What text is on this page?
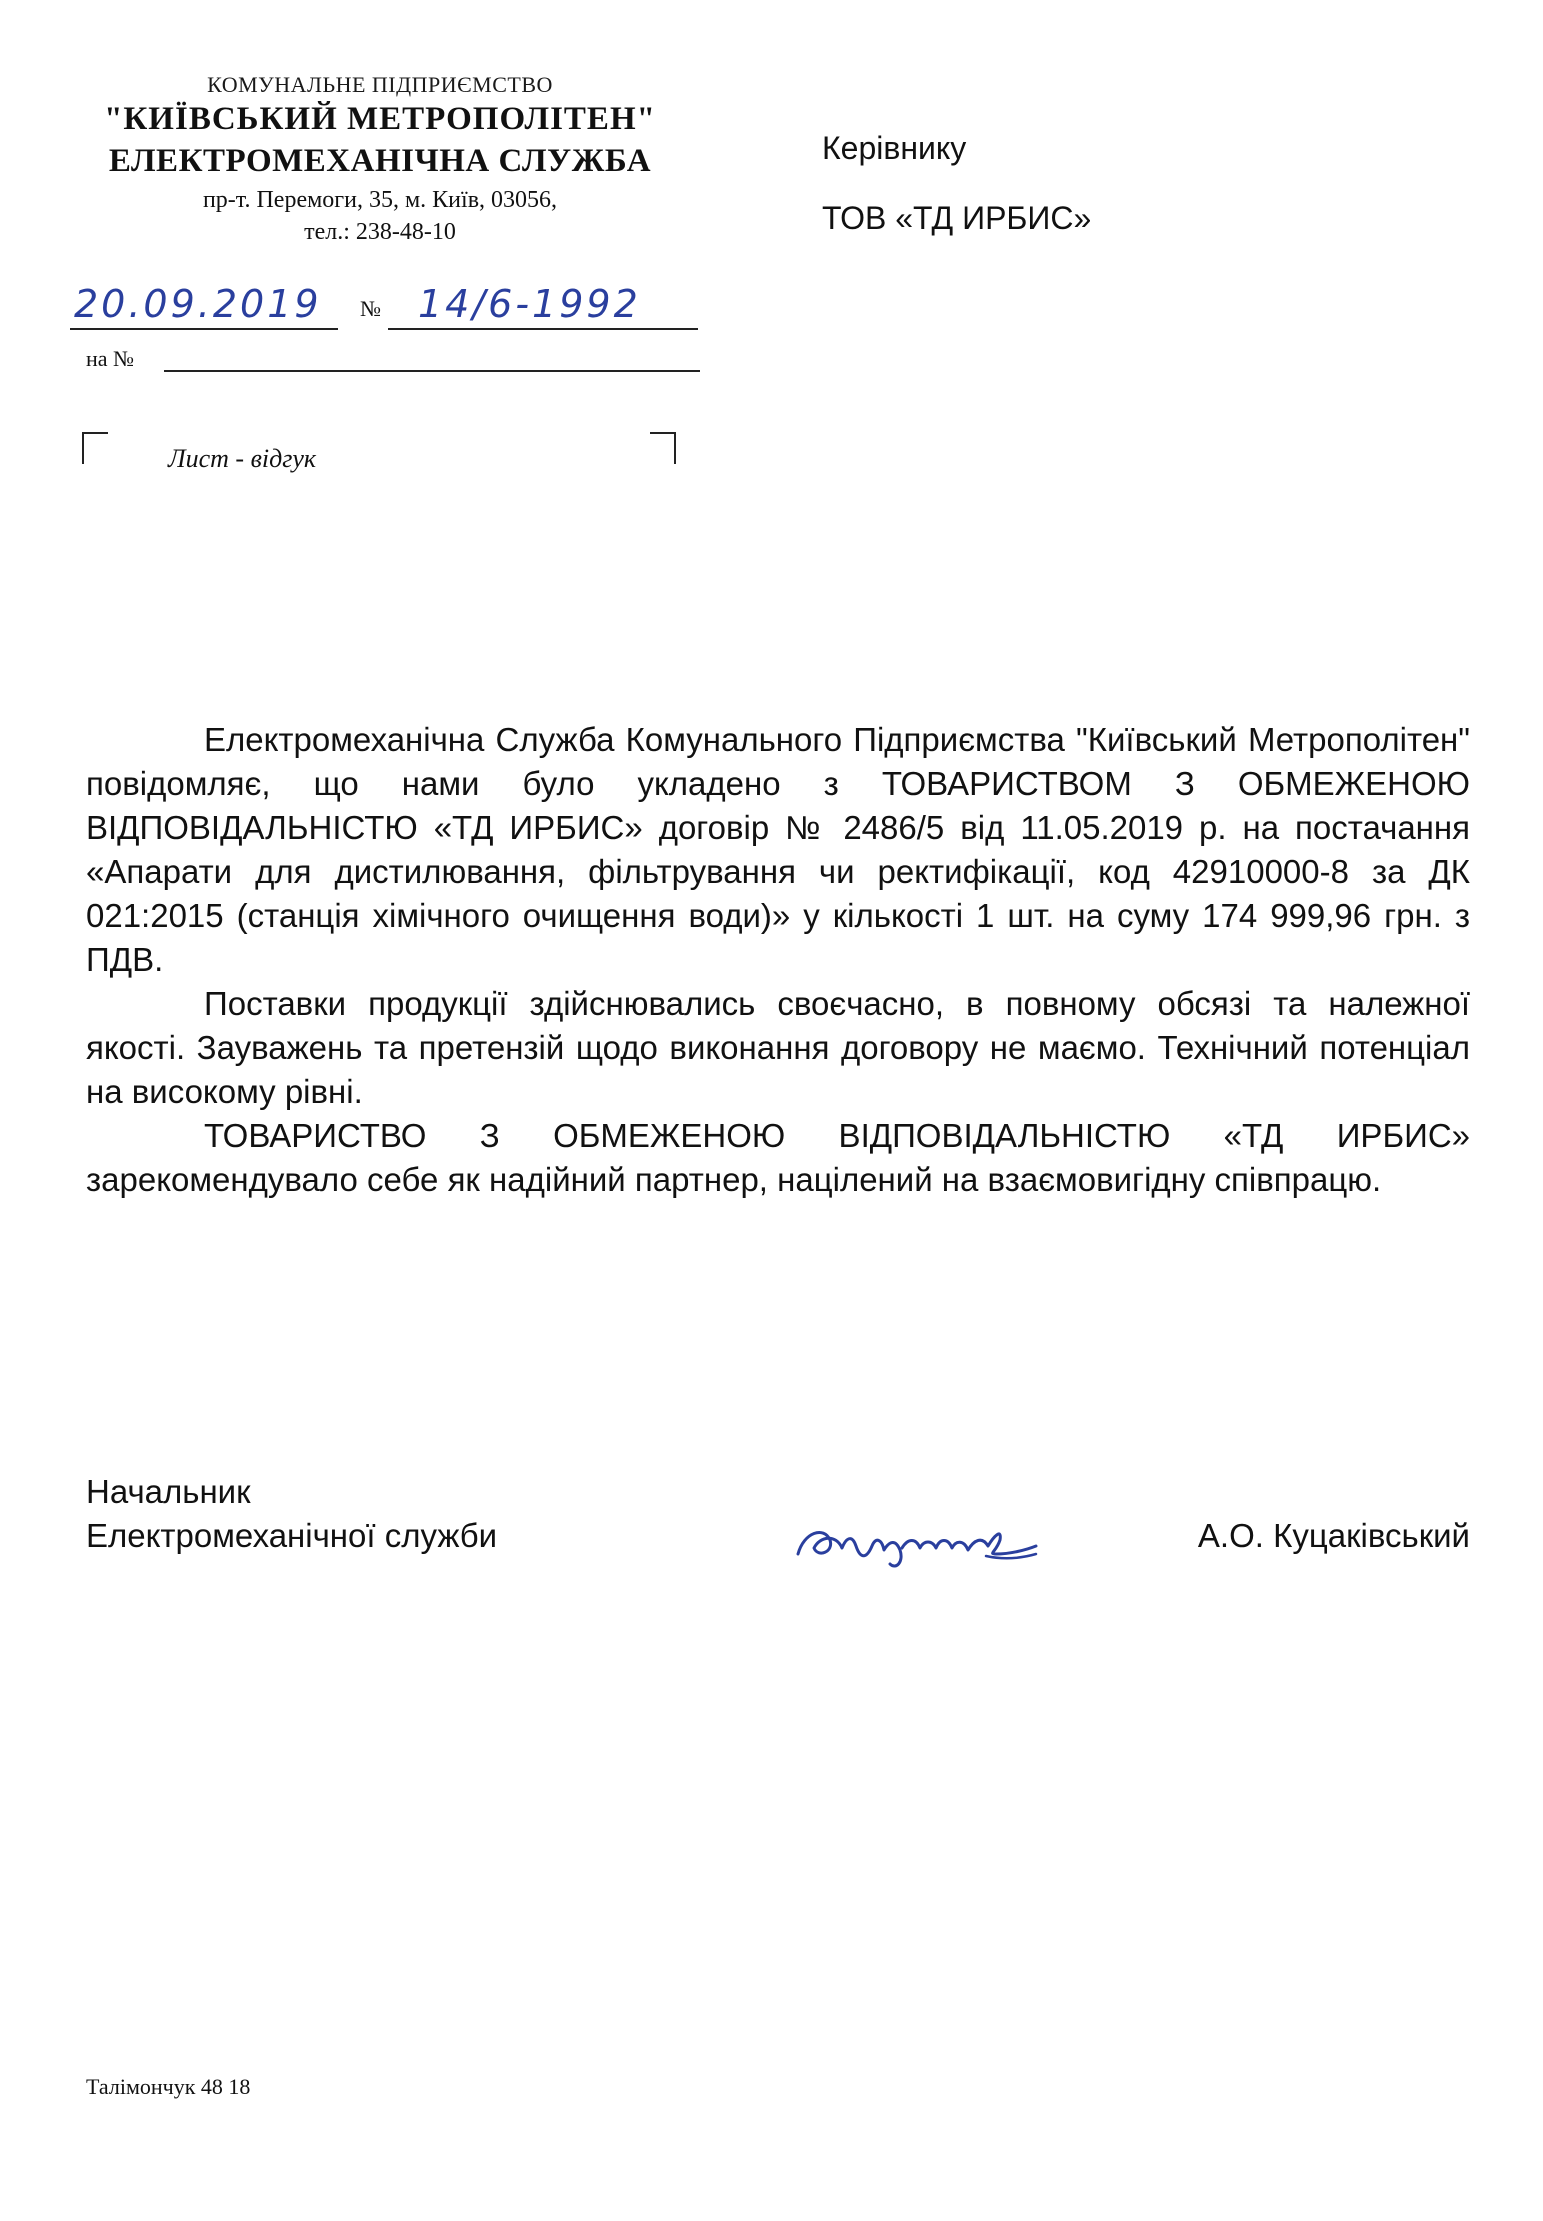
КОМУНАЛЬНЕ ПІДПРИЄМСТВО
"КИЇВСЬКИЙ МЕТРОПОЛІТЕН"
ЕЛЕКТРОМЕХАНІЧНА СЛУЖБА
пр-т. Перемоги, 35, м. Київ, 03056,
тел.: 238-48-10
Керівнику
ТОВ «ТД ИРБИС»
20.09.2019 № 14/6-1992
на №
Лист - відгук

Електромеханічна Служба Комунального Підприємства "Київський Метрополітен" повідомляє, що нами було укладено з ТОВАРИСТВОМ З ОБМЕЖЕНОЮ ВІДПОВІДАЛЬНІСТЮ «ТД ИРБИС» договір № 2486/5 від 11.05.2019 р. на постачання «Апарати для дистилювання, фільтрування чи ректифікації, код 42910000-8 за ДК 021:2015 (станція хімічного очищення води)» у кількості 1 шт. на суму 174 999,96 грн. з ПДВ.

Поставки продукції здійснювались своєчасно, в повному обсязі та належної якості. Зауважень та претензій щодо виконання договору не маємо. Технічний потенціал на високому рівні.

ТОВАРИСТВО З ОБМЕЖЕНОЮ ВІДПОВІДАЛЬНІСТЮ «ТД ИРБИС» зарекомендувало себе як надійний партнер, націлений на взаємовигідну співпрацю.

Начальник
Електромеханічної служби	А.О. Куцаківський
Талімончук 48 18
